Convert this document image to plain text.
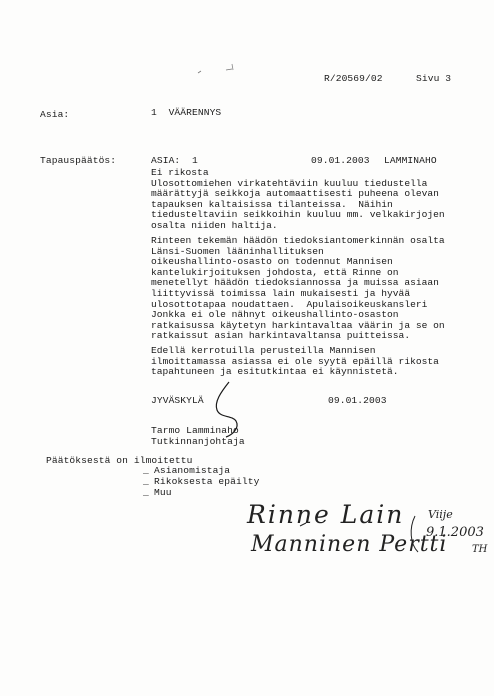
R/20569/02	Sivu 3
Asia:	1  VÄÄRENNYS
Tapauspäätös:	ASIA:  1	09.01.2003 LAMMINAHO
Ei rikosta
Ulosottomiehen virkatehtäviin kuuluu tiedustella
määrättyjä seikkoja automaattisesti puheena olevan
tapauksen kaltaisissa tilanteissa.  Näihin
tiedusteltaviin seikkoihin kuuluu mm. velkakirjojen
osalta niiden haltija.
Rinteen tekemän häädön tiedoksiantomerkinnän osalta
Länsi-Suomen lääninhallituksen
oikeushallinto-osasto on todennut Mannisen
kantelukirjoituksen johdosta, että Rinne on
menetellyt häädön tiedoksiannossa ja muissa asiaan
liittyvissä toimissa lain mukaisesti ja hyvää
ulosottotapaa noudattaen.  Apulaisoikeuskansleri
Jonkka ei ole nähnyt oikeushallinto-osaston
ratkaisussa käytetyn harkintavaltaa väärin ja se on
ratkaissut asian harkintavaltansa puitteissa.
Edellä kerrotuilla perusteilla Mannisen
ilmoittamassa asiassa ei ole syytä epäillä rikosta
tapahtuneen ja esitutkintaa ei käynnistetä.
JYVÄSKYLÄ	09.01.2003
Tarmo Lamminaho
Tutkinnanjohtaja
Päätöksestä on ilmoitettu
_ Asianomistaja
_ Rikoksesta epäilty
_ Muu
Rinne Lain
Manninen Pertti
Viije
9.1.2003
TH
